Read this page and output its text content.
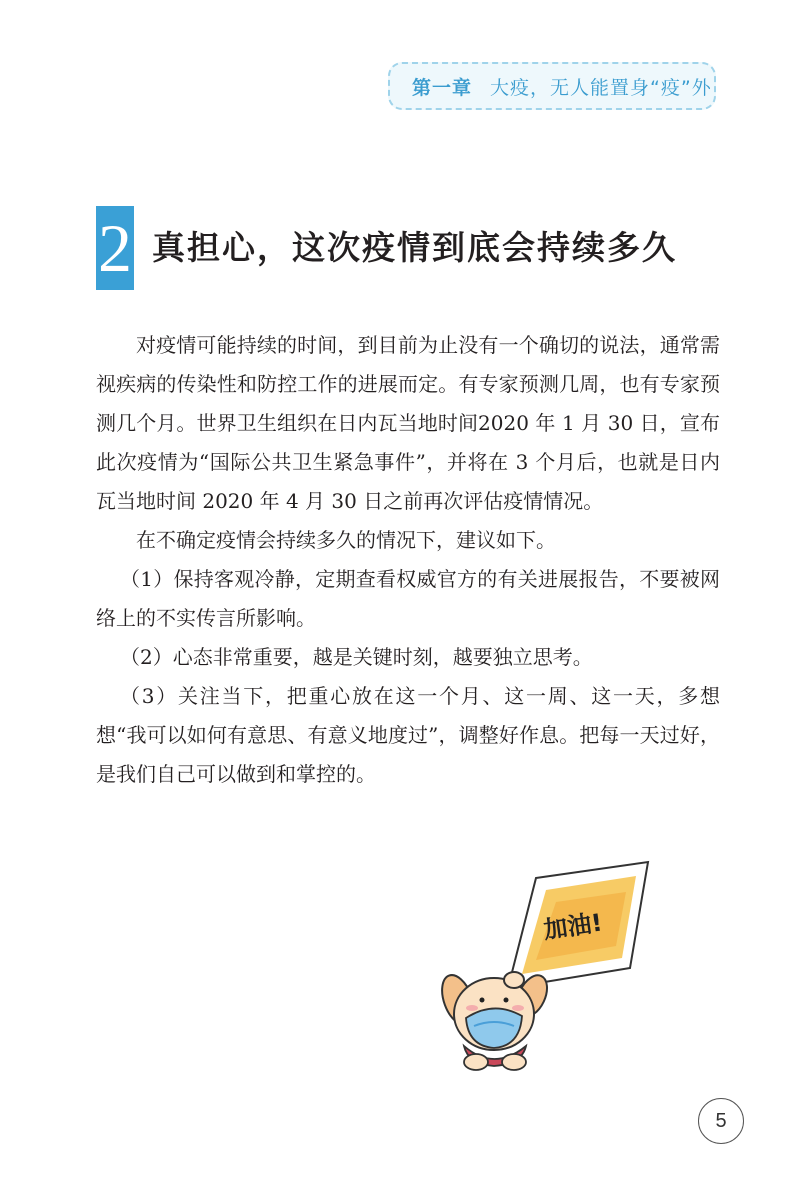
第一章 大疫，无人能置身“疫”外
2 真担心，这次疫情到底会持续多久

对疫情可能持续的时间，到目前为止没有一个确切的说法，通常需视疾病的传染性和防控工作的进展而定。有专家预测几周，也有专家预测几个月。世界卫生组织在日内瓦当地时间2020 年 1 月 30 日，宣布此次疫情为“国际公共卫生紧急事件”，并将在 3 个月后，也就是日内瓦当地时间 2020 年 4 月 30 日之前再次评估疫情情况。

在不确定疫情会持续多久的情况下，建议如下。

（1）保持客观冷静，定期查看权威官方的有关进展报告，不要被网络上的不实传言所影响。

（2）心态非常重要，越是关键时刻，越要独立思考。

（3）关注当下，把重心放在这一个月、这一周、这一天，多想想“我可以如何有意思、有意义地度过”，调整好作息。把每一天过好，是我们自己可以做到和掌控的。

加油!
5
